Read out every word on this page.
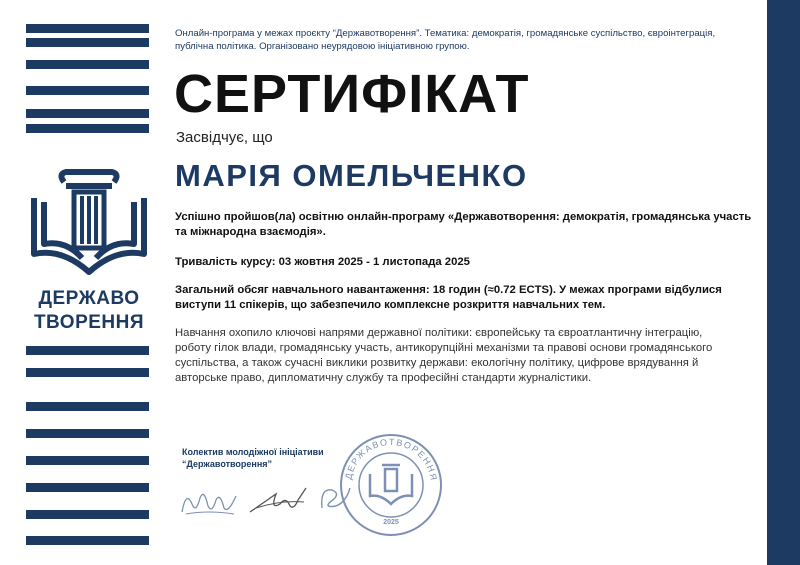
ДЕРЖАВО
ТВОРЕННЯ
Онлайн-програма у межах проєкту “Державотворення”. Тематика: демократія, громадянське суспільство, євроінтеграція, публічна політика. Організовано неурядовою ініціативною групою.
СЕРТИФІКАТ
Засвідчує, що
МАРІЯ ОМЕЛЬЧЕНКО
Успішно пройшов(ла) освітню онлайн-програму «Державотворення: демократія, громадянська участь та міжнародна взаємодія».
Тривалість курсу: 03 жовтня 2025 - 1 листопада 2025
Загальний обсяг навчального навантаження: 18 годин (≈0.72 ECTS). У межах програми відбулися виступи 11 спікерів, що забезпечило комплексне розкриття навчальних тем.
Навчання охопило ключові напрями державної політики: європейську та євроатлантичну інтеграцію, роботу гілок влади, громадянську участь, антикорупційні механізми та правові основи громадянського суспільства, а також сучасні виклики розвитку держави: екологічну політику, цифрове врядування й авторське право, дипломатичну службу та професійні стандарти журналістики.
Колектив молодіжної ініціативи
“Державотворення”
ДЕРЖАВОТВОРЕННЯ
2025
